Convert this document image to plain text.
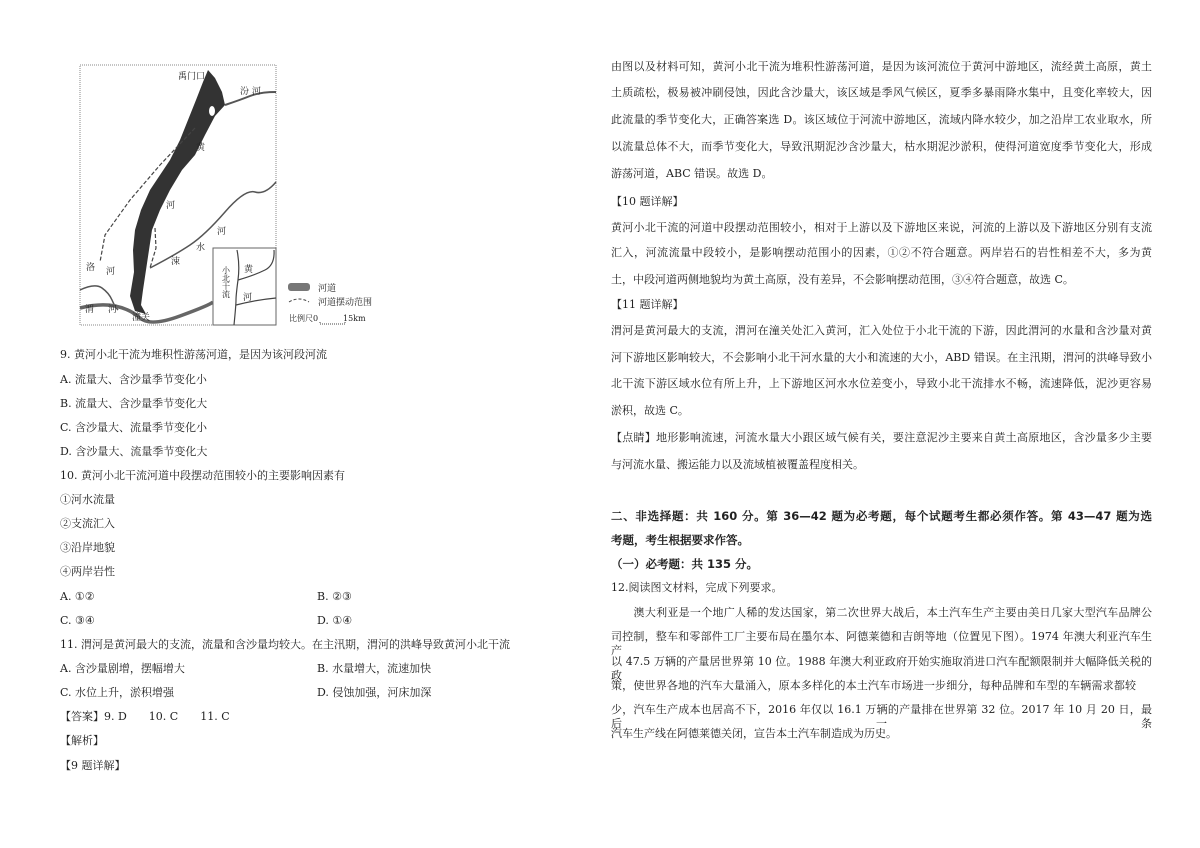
禹门口
汾 河
黄
河
河
水
涑
洛 河
渭 河
潼关
小北干流 黄
河
河道
河道摆动范围
比例尺0	15km
9. 黄河小北干流为堆积性游荡河道，是因为该河段河流
A. 流量大、含沙量季节变化小
B. 流量大、含沙量季节变化大
C. 含沙量大、流量季节变化小
D. 含沙量大、流量季节变化大
10. 黄河小北干流河道中段摆动范围较小的主要影响因素有
①河水流量
②支流汇入
③沿岸地貌
④两岸岩性
A. ①②	B. ②③
C. ③④	D. ①④
11. 渭河是黄河最大的支流，流量和含沙量均较大。在主汛期，渭河的洪峰导致黄河小北干流
A. 含沙量剧增，摆幅增大	B. 水量增大，流速加快
C. 水位上升，淤积增强	D. 侵蚀加强，河床加深
【答案】9. D　　10. C　　11. C
【解析】
【9 题详解】
由图以及材料可知，黄河小北干流为堆积性游荡河道，是因为该河流位于黄河中游地区，流经黄土高原，黄土
土质疏松，极易被冲刷侵蚀，因此含沙量大，该区域是季风气候区，夏季多暴雨降水集中，且变化率较大，因
此流量的季节变化大，正确答案选 D。该区域位于河流中游地区，流域内降水较少，加之沿岸工农业取水，所
以流量总体不大，而季节变化大，导致汛期泥沙含沙量大，枯水期泥沙淤积，使得河道宽度季节变化大，形成
游荡河道，ABC 错误。故选 D。
【10 题详解】
黄河小北干流的河道中段摆动范围较小，相对于上游以及下游地区来说，河流的上游以及下游地区分别有支流
汇入，河流流量中段较小，是影响摆动范围小的因素，①②不符合题意。两岸岩石的岩性相差不大，多为黄
土，中段河道两侧地貌均为黄土高原，没有差异，不会影响摆动范围，③④符合题意，故选 C。
【11 题详解】
渭河是黄河最大的支流，渭河在潼关处汇入黄河，汇入处位于小北干流的下游，因此渭河的水量和含沙量对黄
河下游地区影响较大，不会影响小北干河水量的大小和流速的大小，ABD 错误。在主汛期，渭河的洪峰导致小
北干流下游区域水位有所上升，上下游地区河水水位差变小，导致小北干流排水不畅，流速降低，泥沙更容易
淤积，故选 C。
【点睛】地形影响流速，河流水量大小跟区域气候有关，要注意泥沙主要来自黄土高原地区，含沙量多少主要
与河流水量、搬运能力以及流域植被覆盖程度相关。
二、非选择题：共 160 分。第 36—42 题为必考题，每个试题考生都必须作答。第 43—47 题为选
考题，考生根据要求作答。
（一）必考题：共 135 分。
12.阅读图文材料，完成下列要求。
　　澳大利亚是一个地广人稀的发达国家，第二次世界大战后，本土汽车生产主要由美日几家大型汽车品牌公
司控制，整车和零部件工厂主要布局在墨尔本、阿德莱德和吉朗等地（位置见下图）。1974 年澳大利亚汽车生产
以 47.5 万辆的产量居世界第 10 位。1988 年澳大利亚政府开始实施取消进口汽车配额限制并大幅降低关税的政
策，使世界各地的汽车大量涌入，原本多样化的本土汽车市场进一步细分，每种品牌和车型的车辆需求都较
少，汽车生产成本也居高不下，2016 年仅以 16.1 万辆的产量排在世界第 32 位。2017 年 10 月 20 日，最后一条
汽车生产线在阿德莱德关闭，宣告本土汽车制造成为历史。
